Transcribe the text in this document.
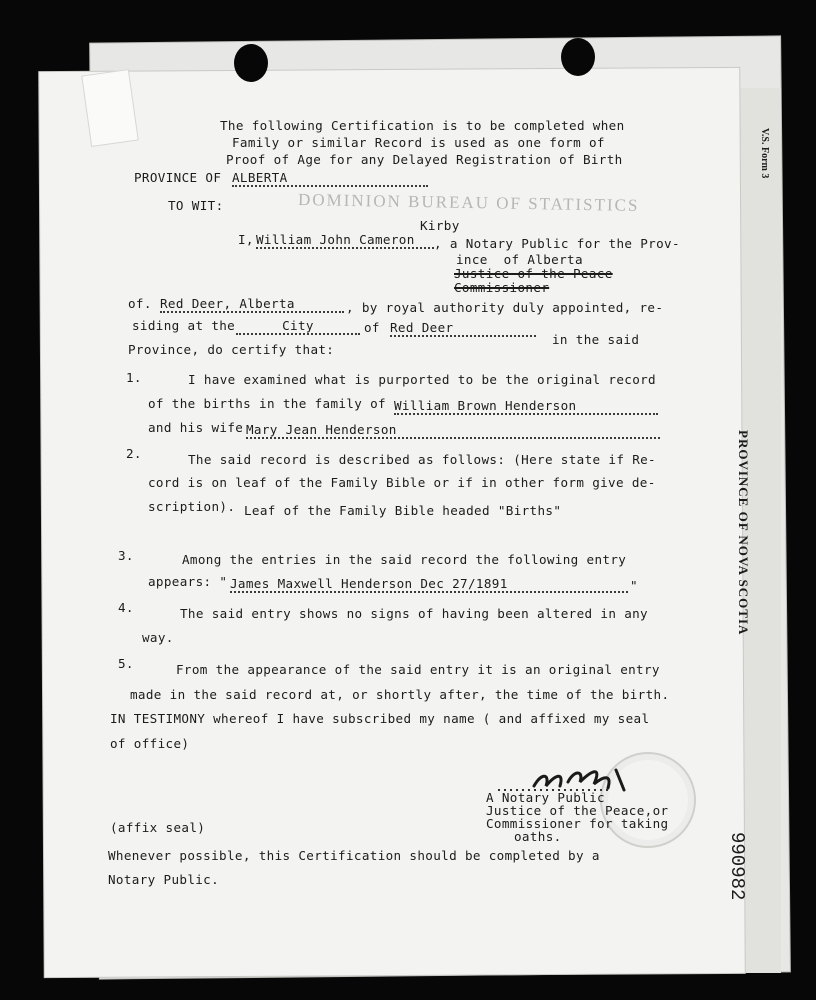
DOMINION BUREAU OF STATISTICS
V.S. Form 3
PROVINCE OF NOVA SCOTIA
990982
The following Certification is to be completed when
Family or similar Record is used as one form of
Proof of Age for any Delayed Registration of Birth
PROVINCE OF ALBERTA
TO WIT:
I, William John Cameron
Kirby
, a Notary Public for the Prov-
ince  of Alberta
Justice of the Peace
Commissioner
of. Red Deer, Alberta	, by royal authority duly appointed, re-
siding at the	City	of Red Deer
in the said
Province, do certify that:
1.	I have examined what is purported to be the original record
of the births in the family of William Brown Henderson
and his wife Mary Jean Henderson
2.	The said record is described as follows: (Here state if Re-
cord is on leaf of the Family Bible or if in other form give de-
scription). Leaf of the Family Bible headed "Births"
3.	Among the entries in the said record the following entry
appears: " James Maxwell Henderson Dec 27/1891	"
4.	The said entry shows no signs of having been altered in any
way.
5.	From the appearance of the said entry it is an original entry
made in the said record at, or shortly after, the time of the birth.
IN TESTIMONY whereof I have subscribed my name ( and affixed my seal
of office)
A Notary Public
Justice of the Peace,or
Commissioner for taking
oaths.
(affix seal)
Whenever possible, this Certification should be completed by a
Notary Public.
